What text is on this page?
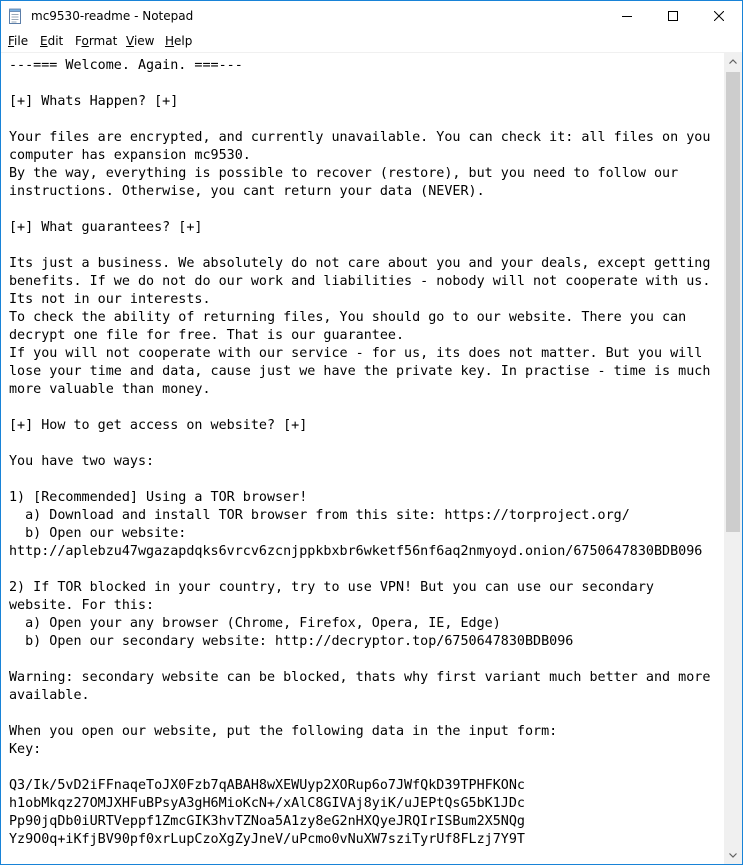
mc9530-readme - Notepad
File Edit Format View Help
---=== Welcome. Again. ===---

[+] Whats Happen? [+]

Your files are encrypted, and currently unavailable. You can check it: all files on you
computer has expansion mc9530.
By the way, everything is possible to recover (restore), but you need to follow our
instructions. Otherwise, you cant return your data (NEVER).

[+] What guarantees? [+]

Its just a business. We absolutely do not care about you and your deals, except getting
benefits. If we do not do our work and liabilities - nobody will not cooperate with us.
Its not in our interests.
To check the ability of returning files, You should go to our website. There you can
decrypt one file for free. That is our guarantee.
If you will not cooperate with our service - for us, its does not matter. But you will
lose your time and data, cause just we have the private key. In practise - time is much
more valuable than money.

[+] How to get access on website? [+]

You have two ways:

1) [Recommended] Using a TOR browser!
a) Download and install TOR browser from this site: https://torproject.org/
b) Open our website:
http://aplebzu47wgazapdqks6vrcv6zcnjppkbxbr6wketf56nf6aq2nmyoyd.onion/6750647830BDB096

2) If TOR blocked in your country, try to use VPN! But you can use our secondary
website. For this:
a) Open your any browser (Chrome, Firefox, Opera, IE, Edge)
b) Open our secondary website: http://decryptor.top/6750647830BDB096

Warning: secondary website can be blocked, thats why first variant much better and more
available.

When you open our website, put the following data in the input form:
Key:

Q3/Ik/5vD2iFFnaqeToJX0Fzb7qABAH8wXEWUyp2XORup6o7JWfQkD39TPHFKONc
h1obMkqz27OMJXHFuBPsyA3gH6MioKcN+/xAlC8GIVAj8yiK/uJEPtQsG5bK1JDc
Pp90jqDb0iURTVeppf1ZmcGIK3hvTZNoa5A1zy8eG2nHXQyeJRQIrISBum2X5NQg
Yz9O0q+iKfjBV90pf0xrLupCzoXgZyJneV/uPcmo0vNuXW7sziTyrUf8FLzj7Y9T
